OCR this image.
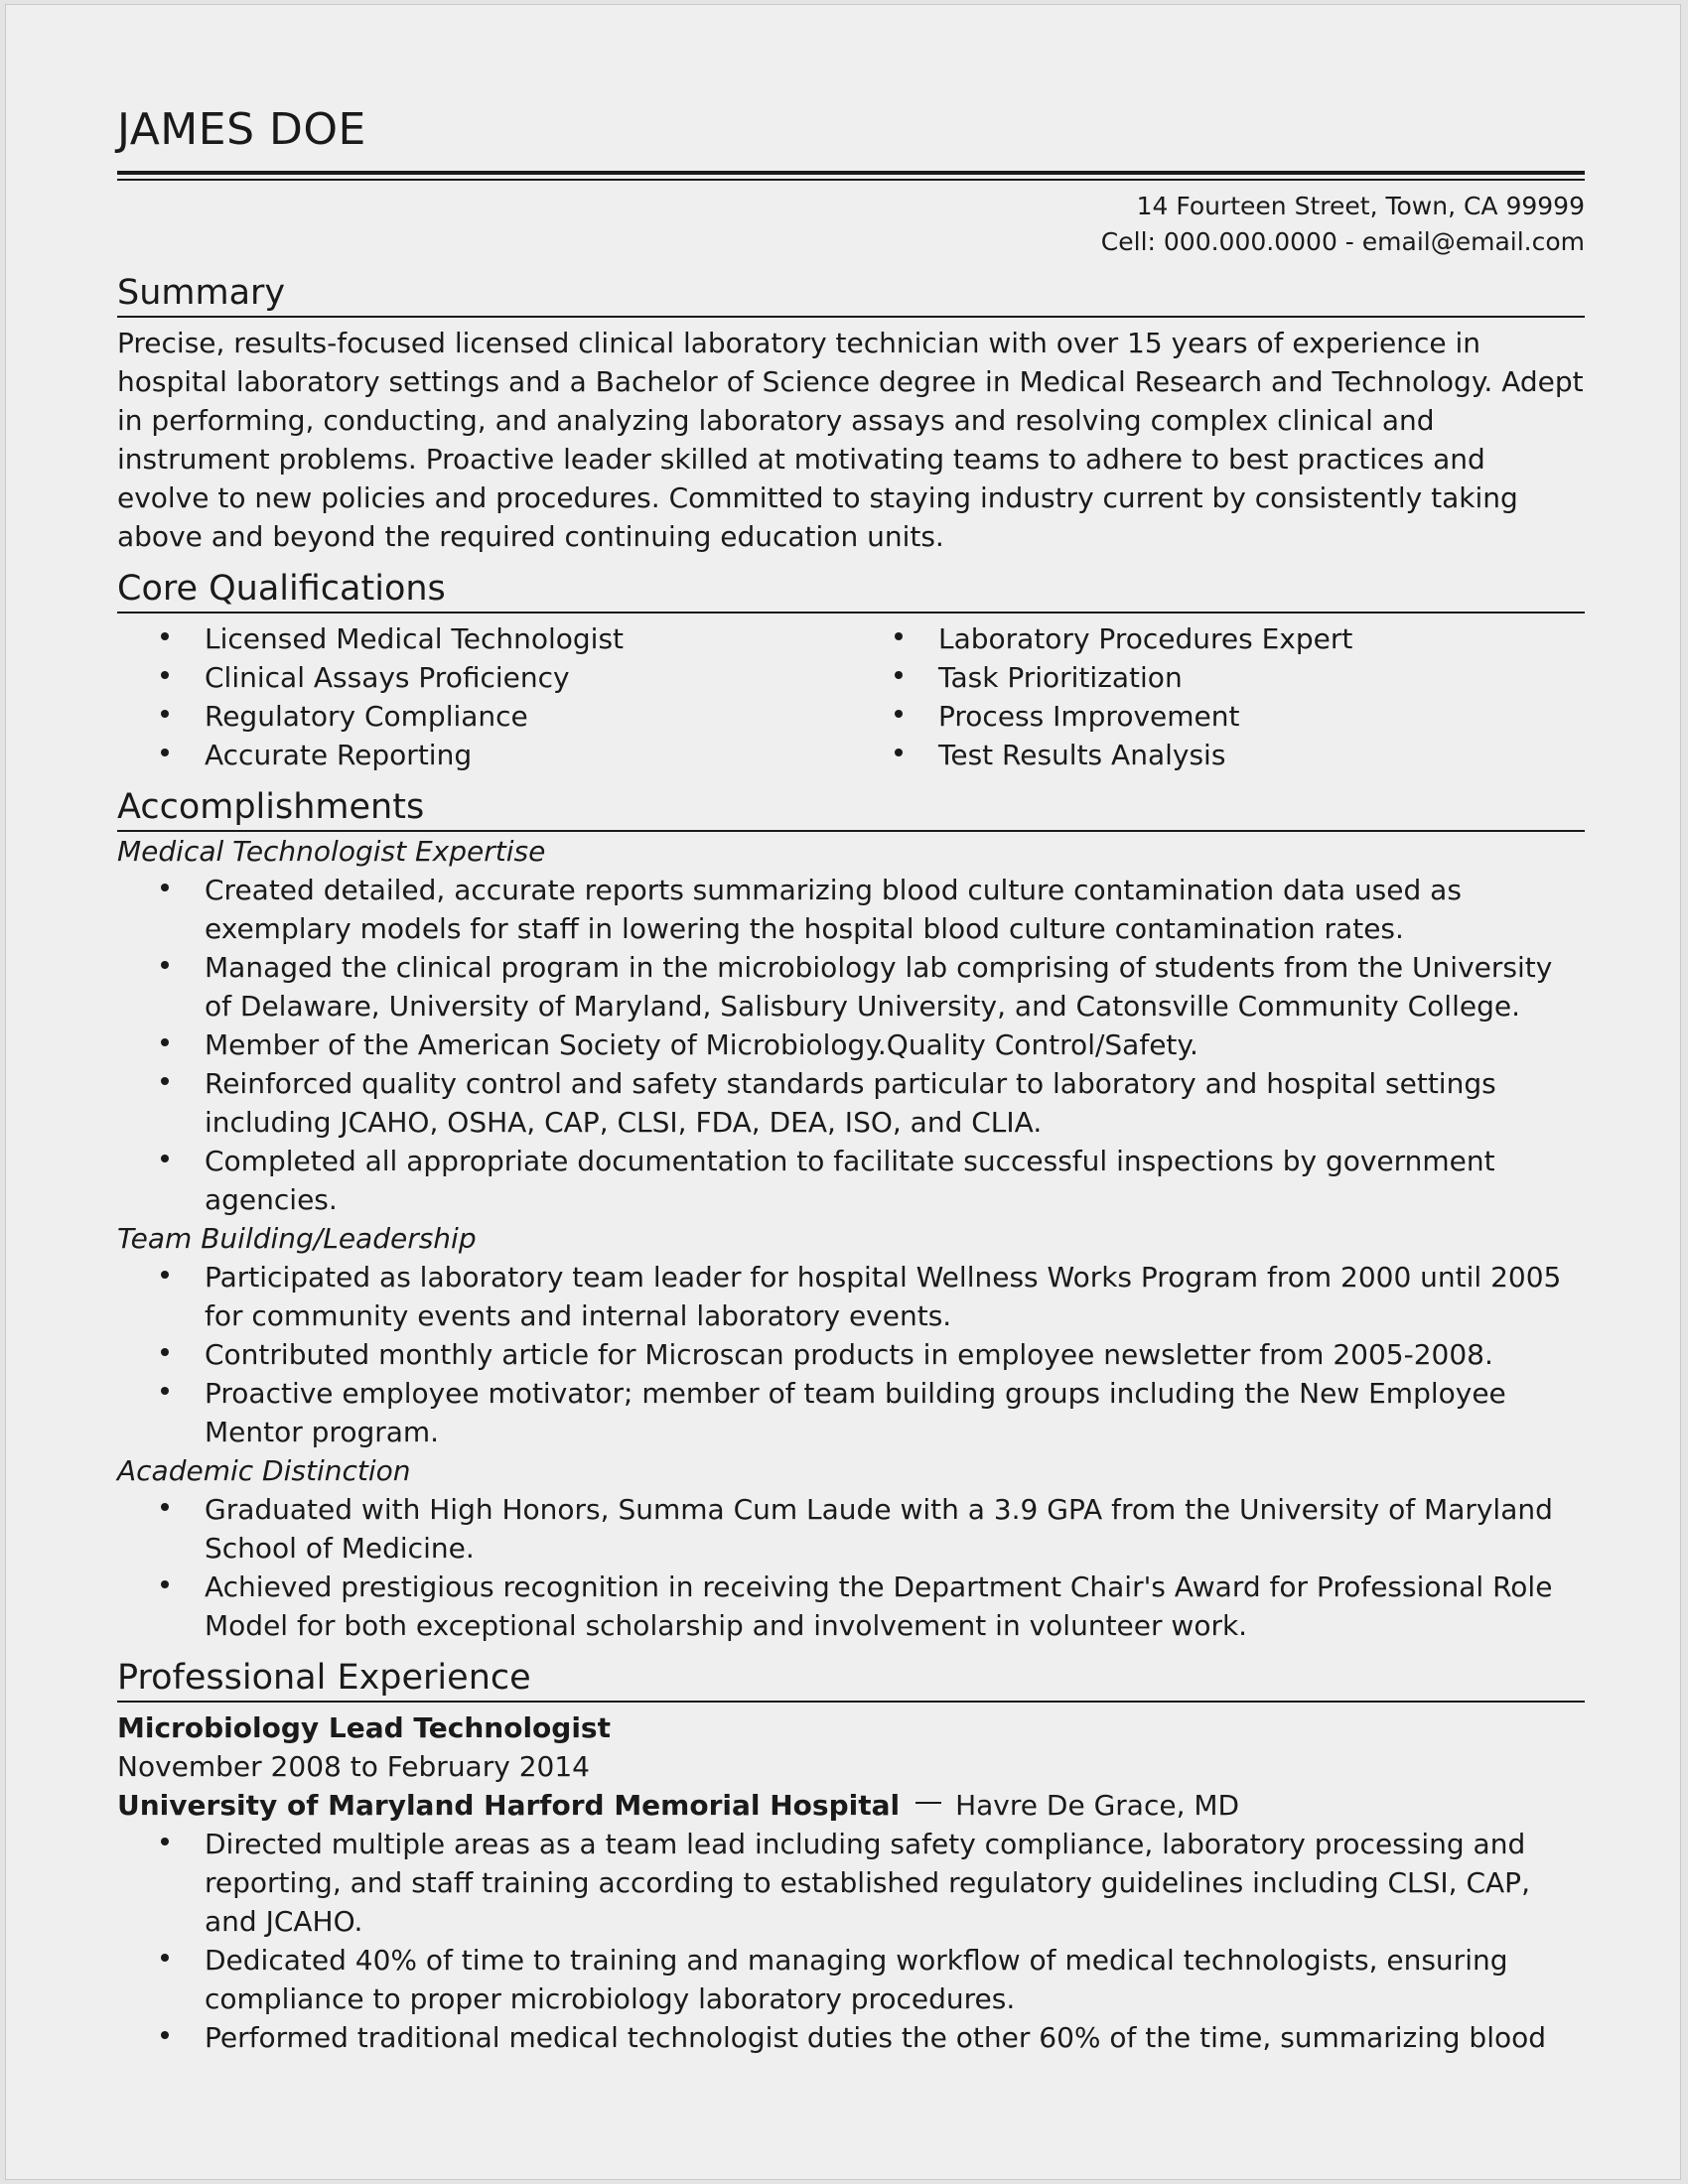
JAMES DOE
14 Fourteen Street, Town, CA 99999
Cell: 000.000.0000 - email@email.com
Summary

Precise, results-focused licensed clinical laboratory technician with over 15 years of experience in hospital laboratory settings and a Bachelor of Science degree in Medical Research and Technology. Adept in performing, conducting, and analyzing laboratory assays and resolving complex clinical and instrument problems. Proactive leader skilled at motivating teams to adhere to best practices and evolve to new policies and procedures. Committed to staying industry current by consistently taking above and beyond the required continuing education units.

Core Qualifications
Licensed Medical Technologist
Clinical Assays Proficiency
Regulatory Compliance
Accurate Reporting
Laboratory Procedures Expert
Task Prioritization
Process Improvement
Test Results Analysis
Accomplishments
Medical Technologist Expertise
Created detailed, accurate reports summarizing blood culture contamination data used as exemplary models for staff in lowering the hospital blood culture contamination rates.
Managed the clinical program in the microbiology lab comprising of students from the University of Delaware, University of Maryland, Salisbury University, and Catonsville Community College.
Member of the American Society of Microbiology.Quality Control/Safety.
Reinforced quality control and safety standards particular to laboratory and hospital settings including JCAHO, OSHA, CAP, CLSI, FDA, DEA, ISO, and CLIA.
Completed all appropriate documentation to facilitate successful inspections by government agencies.
Team Building/Leadership
Participated as laboratory team leader for hospital Wellness Works Program from 2000 until 2005 for community events and internal laboratory events.
Contributed monthly article for Microscan products in employee newsletter from 2005-2008.
Proactive employee motivator; member of team building groups including the New Employee Mentor program.
Academic Distinction
Graduated with High Honors, Summa Cum Laude with a 3.9 GPA from the University of Maryland School of Medicine.
Achieved prestigious recognition in receiving the Department Chair's Award for Professional Role Model for both exceptional scholarship and involvement in volunteer work.
Professional Experience
Microbiology Lead Technologist
November 2008 to February 2014
University of Maryland Harford Memorial Hospital Havre De Grace, MD
Directed multiple areas as a team lead including safety compliance, laboratory processing and reporting, and staff training according to established regulatory guidelines including CLSI, CAP, and JCAHO.
Dedicated 40% of time to training and managing workflow of medical technologists, ensuring compliance to proper microbiology laboratory procedures.
Performed traditional medical technologist duties the other 60% of the time, summarizing blood
